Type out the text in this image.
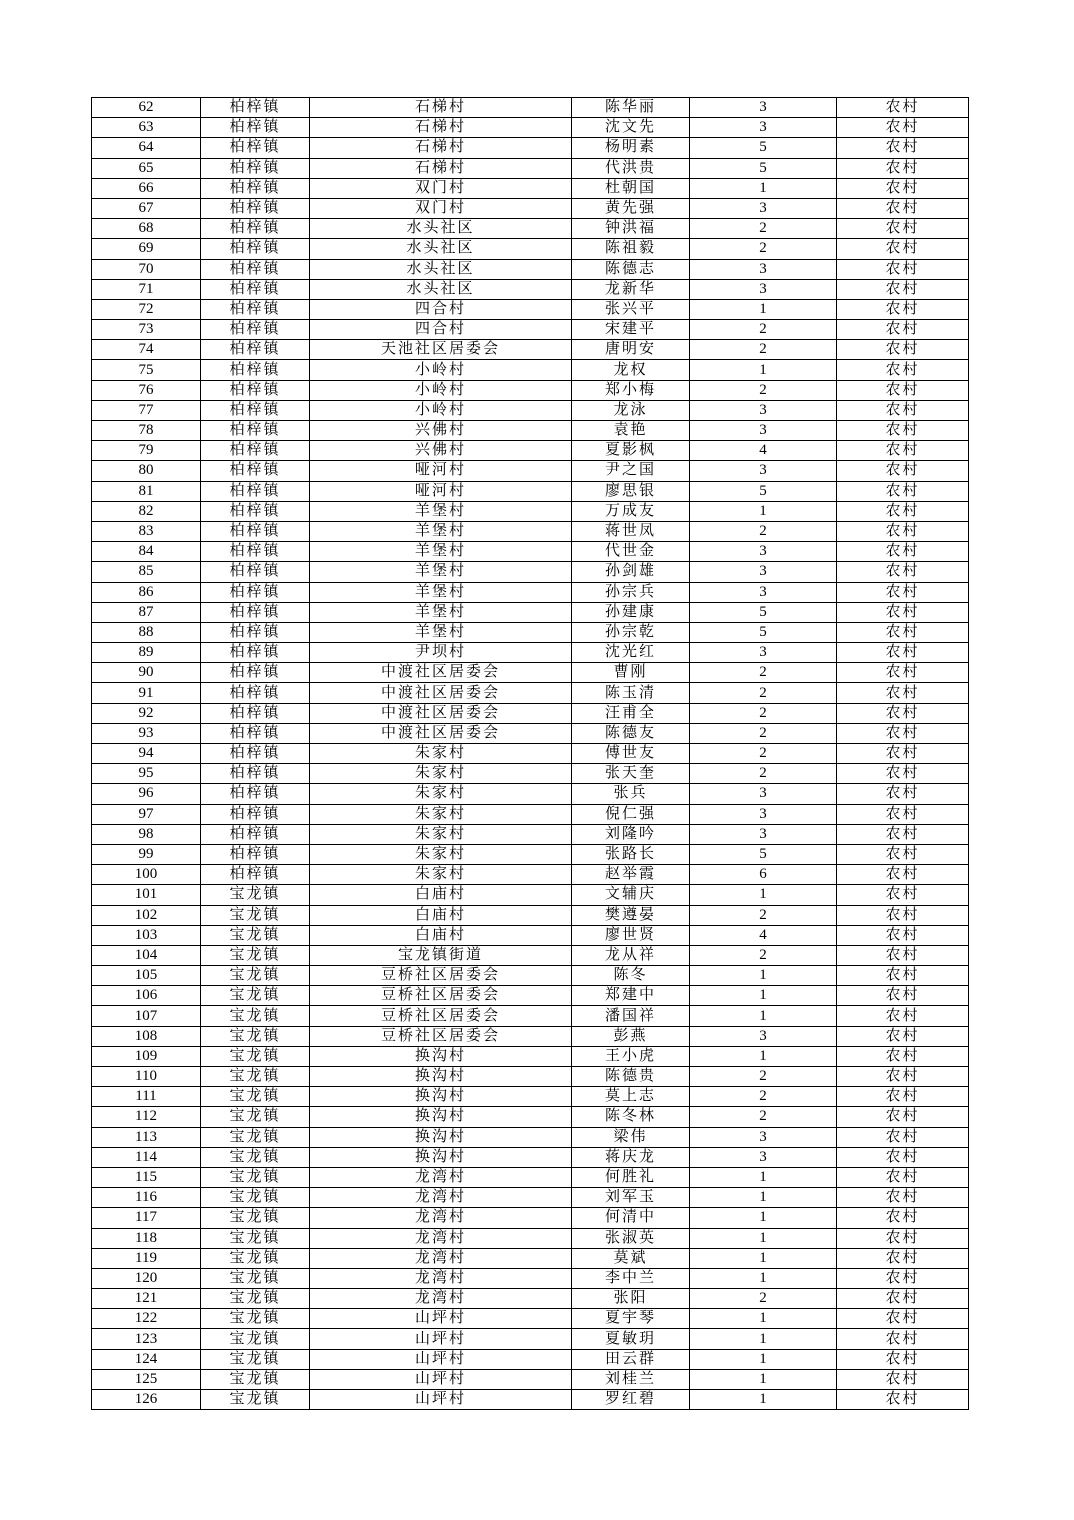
62	柏梓镇	石梯村	陈华丽	3	农村
63	柏梓镇	石梯村	沈文先	3	农村
64	柏梓镇	石梯村	杨明素	5	农村
65	柏梓镇	石梯村	代洪贵	5	农村
66	柏梓镇	双门村	杜朝国	1	农村
67	柏梓镇	双门村	黄先强	3	农村
68	柏梓镇	水头社区	钟洪福	2	农村
69	柏梓镇	水头社区	陈祖毅	2	农村
70	柏梓镇	水头社区	陈德志	3	农村
71	柏梓镇	水头社区	龙新华	3	农村
72	柏梓镇	四合村	张兴平	1	农村
73	柏梓镇	四合村	宋建平	2	农村
74	柏梓镇	天池社区居委会	唐明安	2	农村
75	柏梓镇	小岭村	龙权	1	农村
76	柏梓镇	小岭村	郑小梅	2	农村
77	柏梓镇	小岭村	龙泳	3	农村
78	柏梓镇	兴佛村	袁艳	3	农村
79	柏梓镇	兴佛村	夏影枫	4	农村
80	柏梓镇	哑河村	尹之国	3	农村
81	柏梓镇	哑河村	廖思银	5	农村
82	柏梓镇	羊堡村	万成友	1	农村
83	柏梓镇	羊堡村	蒋世凤	2	农村
84	柏梓镇	羊堡村	代世金	3	农村
85	柏梓镇	羊堡村	孙剑雄	3	农村
86	柏梓镇	羊堡村	孙宗兵	3	农村
87	柏梓镇	羊堡村	孙建康	5	农村
88	柏梓镇	羊堡村	孙宗乾	5	农村
89	柏梓镇	尹坝村	沈光红	3	农村
90	柏梓镇	中渡社区居委会	曹刚	2	农村
91	柏梓镇	中渡社区居委会	陈玉清	2	农村
92	柏梓镇	中渡社区居委会	汪甫全	2	农村
93	柏梓镇	中渡社区居委会	陈德友	2	农村
94	柏梓镇	朱家村	傅世友	2	农村
95	柏梓镇	朱家村	张天奎	2	农村
96	柏梓镇	朱家村	张兵	3	农村
97	柏梓镇	朱家村	倪仁强	3	农村
98	柏梓镇	朱家村	刘隆吟	3	农村
99	柏梓镇	朱家村	张路长	5	农村
100	柏梓镇	朱家村	赵举霞	6	农村
101	宝龙镇	白庙村	文辅庆	1	农村
102	宝龙镇	白庙村	樊遵晏	2	农村
103	宝龙镇	白庙村	廖世贤	4	农村
104	宝龙镇	宝龙镇街道	龙从祥	2	农村
105	宝龙镇	豆桥社区居委会	陈冬	1	农村
106	宝龙镇	豆桥社区居委会	郑建中	1	农村
107	宝龙镇	豆桥社区居委会	潘国祥	1	农村
108	宝龙镇	豆桥社区居委会	彭燕	3	农村
109	宝龙镇	换沟村	王小虎	1	农村
110	宝龙镇	换沟村	陈德贵	2	农村
111	宝龙镇	换沟村	莫上志	2	农村
112	宝龙镇	换沟村	陈冬林	2	农村
113	宝龙镇	换沟村	梁伟	3	农村
114	宝龙镇	换沟村	蒋庆龙	3	农村
115	宝龙镇	龙湾村	何胜礼	1	农村
116	宝龙镇	龙湾村	刘军玉	1	农村
117	宝龙镇	龙湾村	何清中	1	农村
118	宝龙镇	龙湾村	张淑英	1	农村
119	宝龙镇	龙湾村	莫斌	1	农村
120	宝龙镇	龙湾村	李中兰	1	农村
121	宝龙镇	龙湾村	张阳	2	农村
122	宝龙镇	山坪村	夏宇琴	1	农村
123	宝龙镇	山坪村	夏敏玥	1	农村
124	宝龙镇	山坪村	田云群	1	农村
125	宝龙镇	山坪村	刘桂兰	1	农村
126	宝龙镇	山坪村	罗红碧	1	农村
